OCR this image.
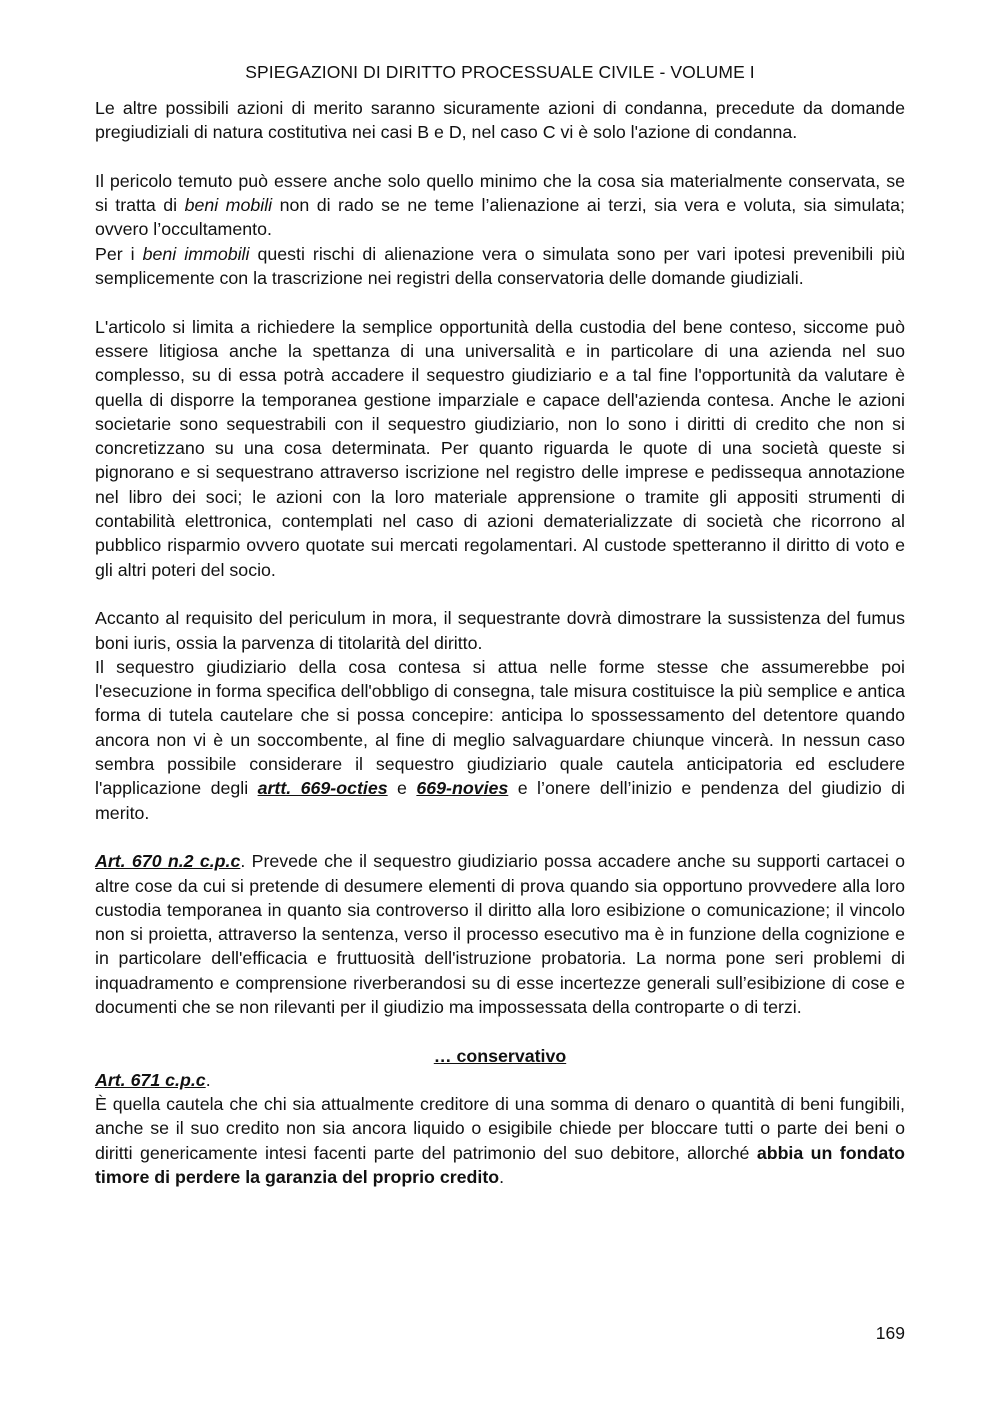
SPIEGAZIONI DI DIRITTO PROCESSUALE CIVILE - VOLUME I

Le altre possibili azioni di merito saranno sicuramente azioni di condanna, precedute da domande pregiudiziali di natura costitutiva nei casi B e D, nel caso C vi è solo l'azione di condanna.

Il pericolo temuto può essere anche solo quello minimo che la cosa sia materialmente conservata, se si tratta di beni mobili non di rado se ne teme l’alienazione ai terzi, sia vera e voluta, sia simulata; ovvero l’occultamento.

Per i beni immobili questi rischi di alienazione vera o simulata sono per vari ipotesi prevenibili più semplicemente con la trascrizione nei registri della conservatoria delle domande giudiziali.

L'articolo si limita a richiedere la semplice opportunità della custodia del bene conteso, siccome può essere litigiosa anche la spettanza di una universalità e in particolare di una azienda nel suo complesso, su di essa potrà accadere il sequestro giudiziario e a tal fine l'opportunità da valutare è quella di disporre la temporanea gestione imparziale e capace dell'azienda contesa. Anche le azioni societarie sono sequestrabili con il sequestro giudiziario, non lo sono i diritti di credito che non si concretizzano su una cosa determinata. Per quanto riguarda le quote di una società queste si pignorano e si sequestrano attraverso iscrizione nel registro delle imprese e pedissequa annotazione nel libro dei soci; le azioni con la loro materiale apprensione o tramite gli appositi strumenti di contabilità elettronica, contemplati nel caso di azioni dematerializzate di società che ricorrono al pubblico risparmio ovvero quotate sui mercati regolamentari. Al custode spetteranno il diritto di voto e gli altri poteri del socio.

Accanto al requisito del periculum in mora, il sequestrante dovrà dimostrare la sussistenza del fumus boni iuris, ossia la parvenza di titolarità del diritto.

Il sequestro giudiziario della cosa contesa si attua nelle forme stesse che assumerebbe poi l'esecuzione in forma specifica dell'obbligo di consegna, tale misura costituisce la più semplice e antica forma di tutela cautelare che si possa concepire: anticipa lo spossessamento del detentore quando ancora non vi è un soccombente, al fine di meglio salvaguardare chiunque vincerà. In nessun caso sembra possibile considerare il sequestro giudiziario quale cautela anticipatoria ed escludere l'applicazione degli artt. 669-octies e 669-novies e l’onere dell’inizio e pendenza del giudizio di merito.

Art. 670 n.2 c.p.c. Prevede che il sequestro giudiziario possa accadere anche su supporti cartacei o altre cose da cui si pretende di desumere elementi di prova quando sia opportuno provvedere alla loro custodia temporanea in quanto sia controverso il diritto alla loro esibizione o comunicazione; il vincolo non si proietta, attraverso la sentenza, verso il processo esecutivo ma è in funzione della cognizione e in particolare dell'efficacia e fruttuosità dell'istruzione probatoria. La norma pone seri problemi di inquadramento e comprensione riverberandosi su di esse incertezze generali sull’esibizione di cose e documenti che se non rilevanti per il giudizio ma impossessata della controparte o di terzi.

… conservativo

Art. 671 c.p.c.

È quella cautela che chi sia attualmente creditore di una somma di denaro o quantità di beni fungibili, anche se il suo credito non sia ancora liquido o esigibile chiede per bloccare tutti o parte dei beni o diritti genericamente intesi facenti parte del patrimonio del suo debitore, allorché abbia un fondato timore di perdere la garanzia del proprio credito.

169
